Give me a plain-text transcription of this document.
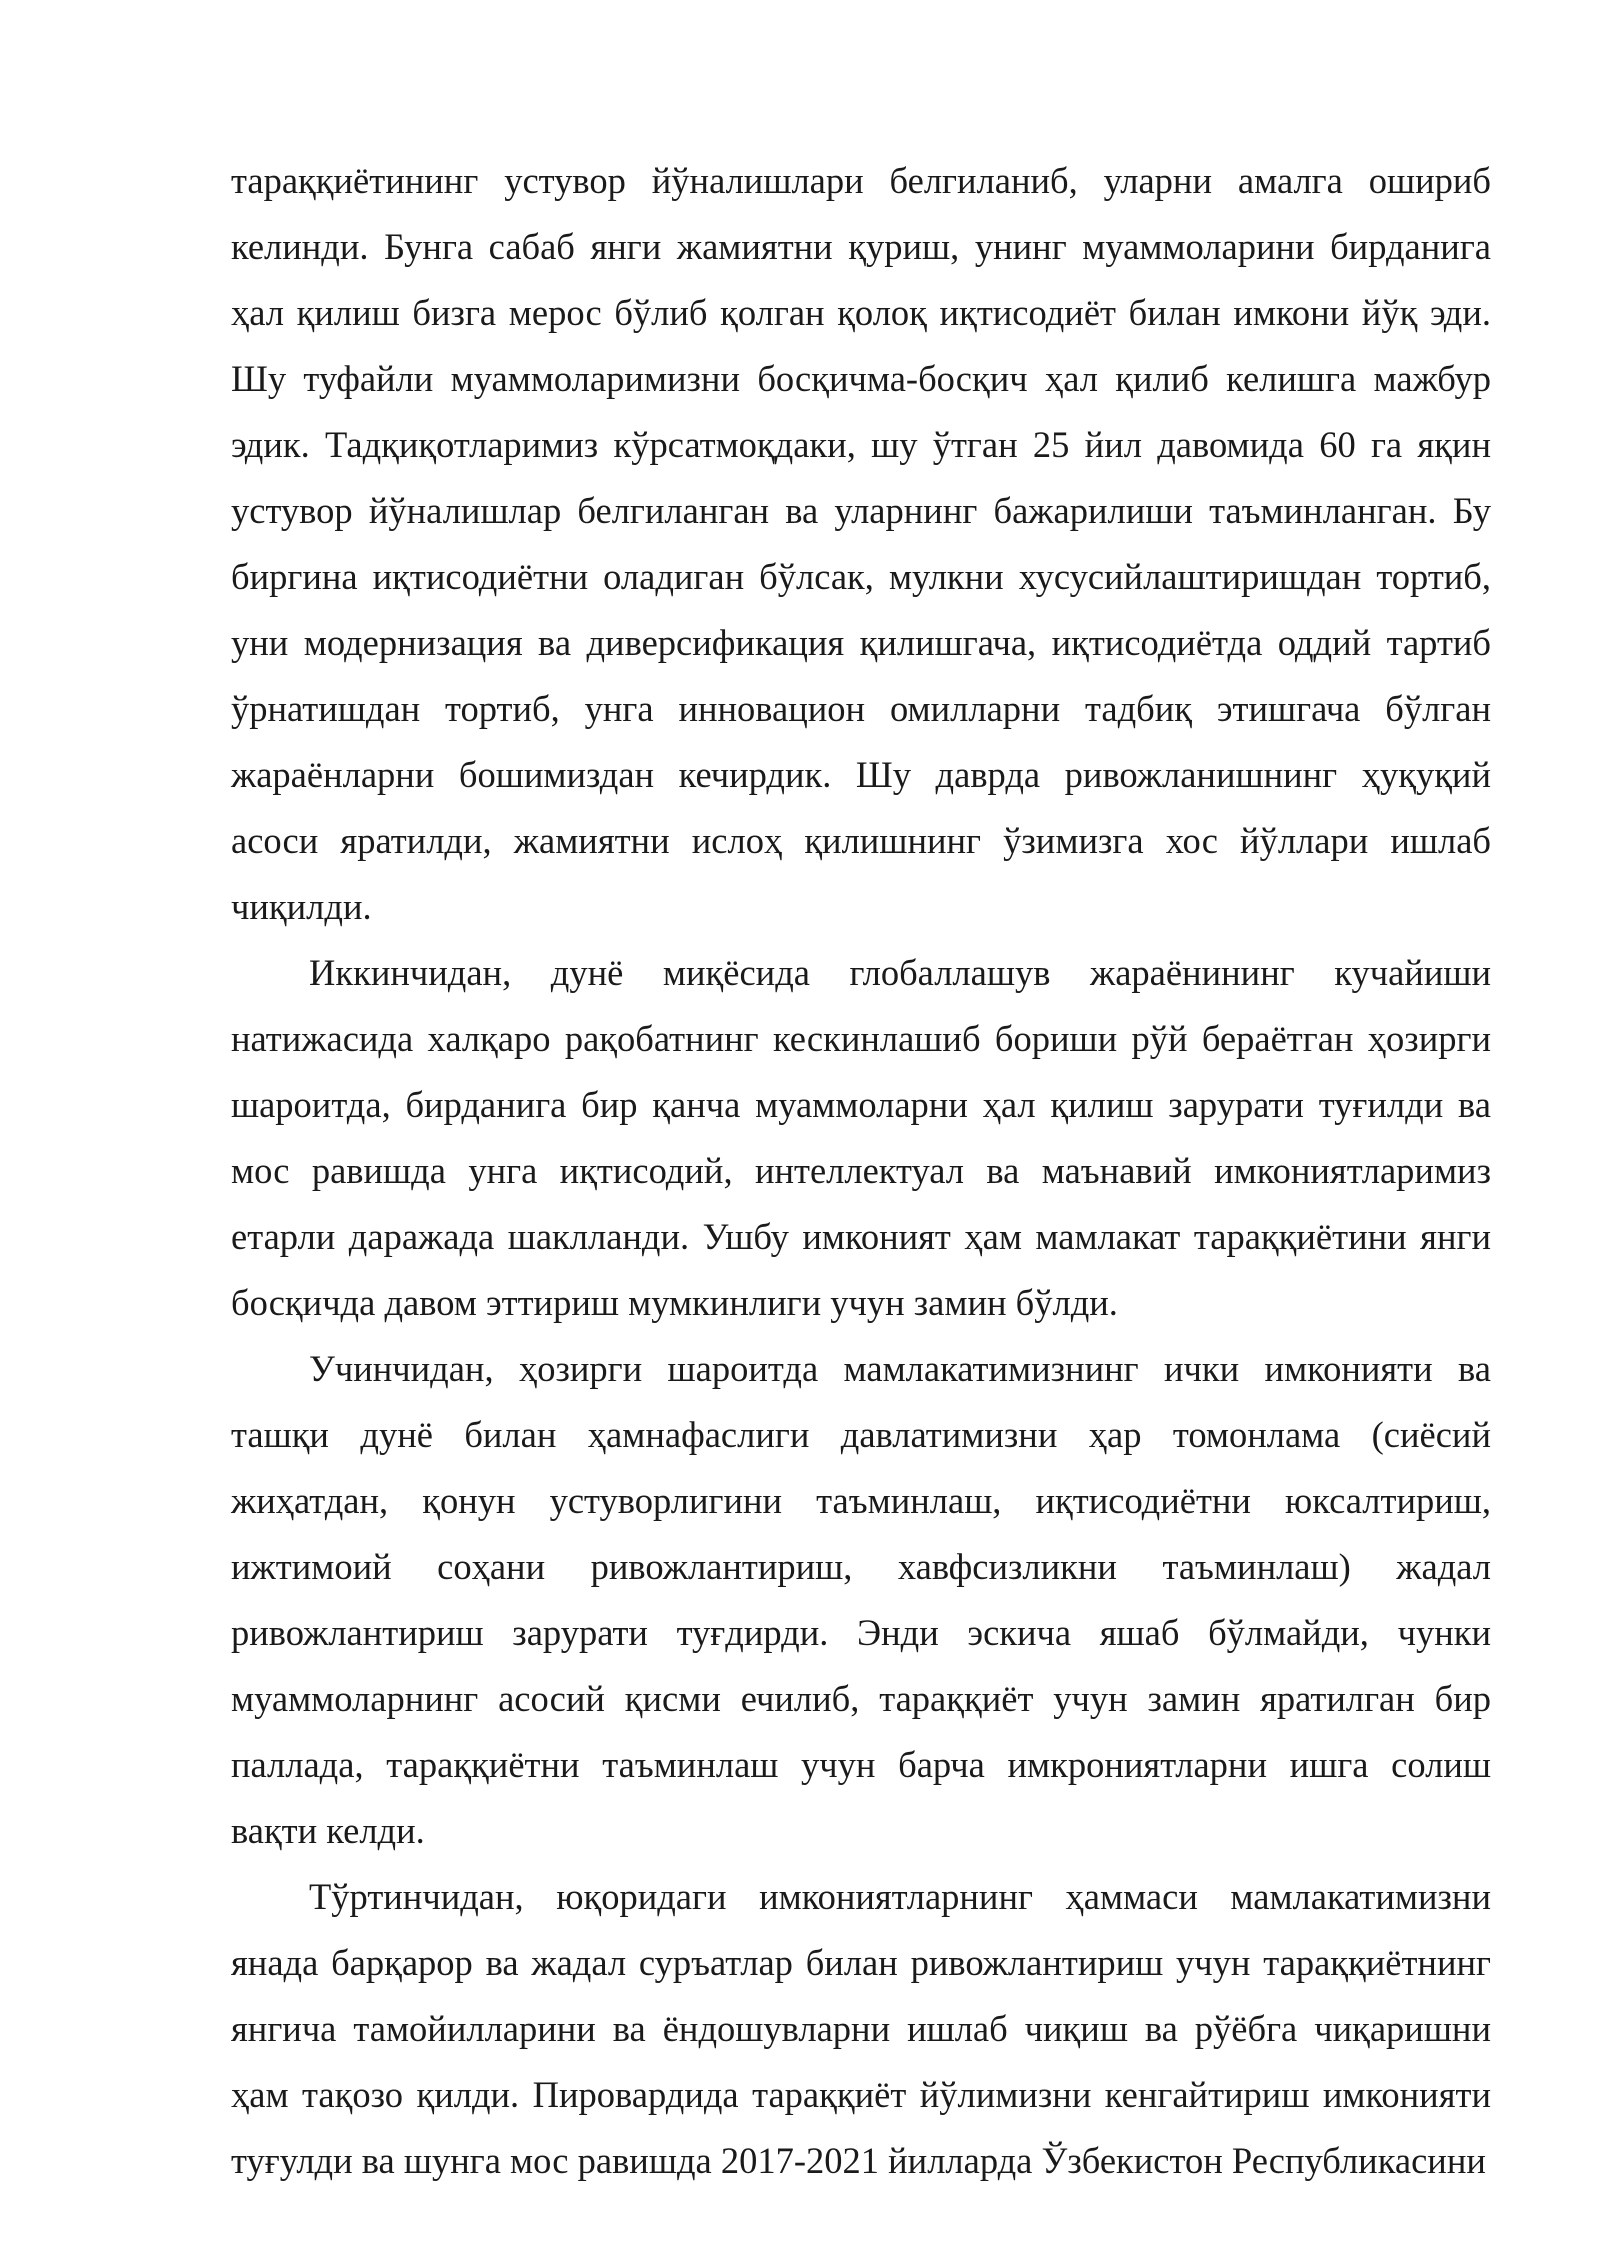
тараққиётининг устувор йўналишлари белгиланиб, уларни амалга ошириб келинди. Бунга сабаб янги жамиятни қуриш, унинг муаммоларини бирданига ҳал қилиш бизга мерос бўлиб қолган қолоқ иқтисодиёт билан имкони йўқ эди. Шу туфайли муаммоларимизни босқичма-босқич ҳал қилиб келишга мажбур эдик. Тадқиқотларимиз кўрсатмоқдаки, шу ўтган 25 йил давомида 60 га яқин устувор йўналишлар белгиланган ва уларнинг бажарилиши таъминланган. Бу биргина иқтисодиётни оладиган бўлсак, мулкни хусусийлаштиришдан тортиб, уни модернизация ва диверсификация қилишгача, иқтисодиётда оддий тартиб ўрнатишдан тортиб, унга инновацион омилларни тадбиқ этишгача бўлган жараёнларни бошимиздан кечирдик. Шу даврда ривожланишнинг ҳуқуқий асоси яратилди, жамиятни ислоҳ қилишнинг ўзимизга хос йўллари ишлаб чиқилди.

Иккинчидан, дунё миқёсида глобаллашув жараёнининг кучайиши натижасида халқаро рақобатнинг кескинлашиб бориши рўй бераётган ҳозирги шароитда, бирданига бир қанча муаммоларни ҳал қилиш зарурати туғилди ва мос равишда унга иқтисодий, интеллектуал ва маънавий имкониятларимиз етарли даражада шаклланди. Ушбу имконият ҳам мамлакат тараққиётини янги босқичда давом эттириш мумкинлиги учун замин бўлди.

Учинчидан, ҳозирги шароитда мамлакатимизнинг ички имконияти ва ташқи дунё билан ҳамнафаслиги давлатимизни ҳар томонлама (сиёсий жиҳатдан, қонун устуворлигини таъминлаш, иқтисодиётни юксалтириш, ижтимоий соҳани ривожлантириш, хавфсизликни таъминлаш) жадал ривожлантириш зарурати туғдирди. Энди эскича яшаб бўлмайди, чунки муаммоларнинг асосий қисми ечилиб, тараққиёт учун замин яратилган бир паллада, тараққиётни таъминлаш учун барча имкрониятларни ишга солиш вақти келди.

Тўртинчидан, юқоридаги имкониятларнинг ҳаммаси мамлакатимизни янада барқарор ва жадал суръатлар билан ривожлантириш учун тараққиётнинг янгича тамойилларини ва ёндошувларни ишлаб чиқиш ва рўёбга чиқаришни ҳам тақозо қилди. Пировардида тараққиёт йўлимизни кенгайтириш имконияти туғулди ва шунга мос равишда 2017-2021 йилларда Ўзбекистон Республикасини
